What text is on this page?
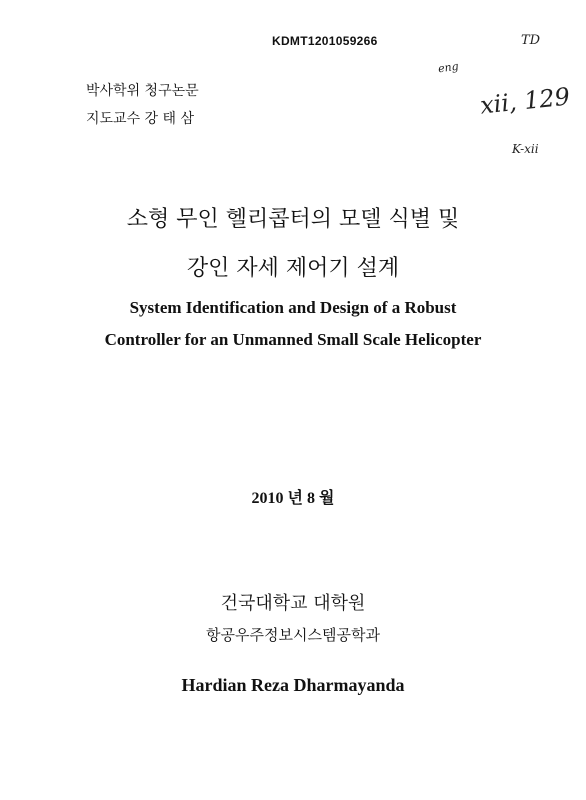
KDMT1201059266	TD
eng
xii, 129
K-xii
박사학위 청구논문
지도교수 강 태 삼
소형 무인 헬리콥터의 모델 식별 및
강인 자세 제어기 설계
System Identification and Design of a Robust
Controller for an Unmanned Small Scale Helicopter
2010 년 8 월
건국대학교 대학원
항공우주정보시스템공학과
Hardian Reza Dharmayanda
